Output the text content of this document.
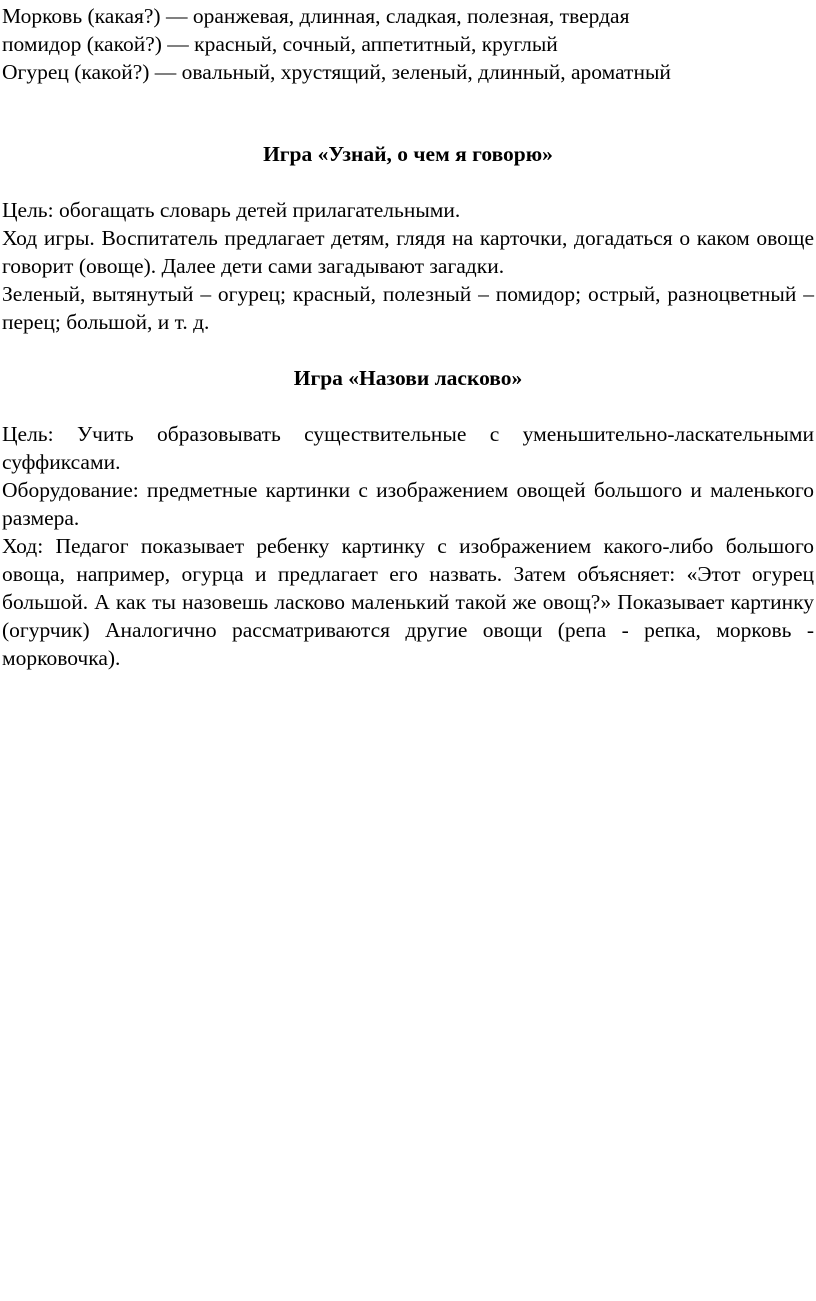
Морковь (какая?) — оранжевая, длинная, сладкая, полезная, твердая

помидор (какой?) — красный, сочный, аппетитный, круглый

Огурец (какой?) — овальный, хрустящий, зеленый, длинный, ароматный

Игра «Узнай, о чем я говорю»

Цель: обогащать словарь детей прилагательными.

Ход игры. Воспитатель предлагает детям, глядя на карточки, догадаться о каком овоще говорит (овоще). Далее дети сами загадывают загадки.

Зеленый, вытянутый – огурец; красный, полезный – помидор; острый, разноцветный – перец; большой, и т. д.

Игра «Назови ласково»

Цель: Учить образовывать существительные с уменьшительно-ласкательными суффиксами.

Оборудование: предметные картинки с изображением овощей большого и маленького размера.

Ход: Педагог показывает ребенку картинку с изображением какого-либо большого овоща, например, огурца и предлагает его назвать. Затем объясняет: «Этот огурец большой. А как ты назовешь ласково маленький такой же овощ?» Показывает картинку (огурчик) Аналогично рассматриваются другие овощи (репа - репка, морковь - морковочка).
